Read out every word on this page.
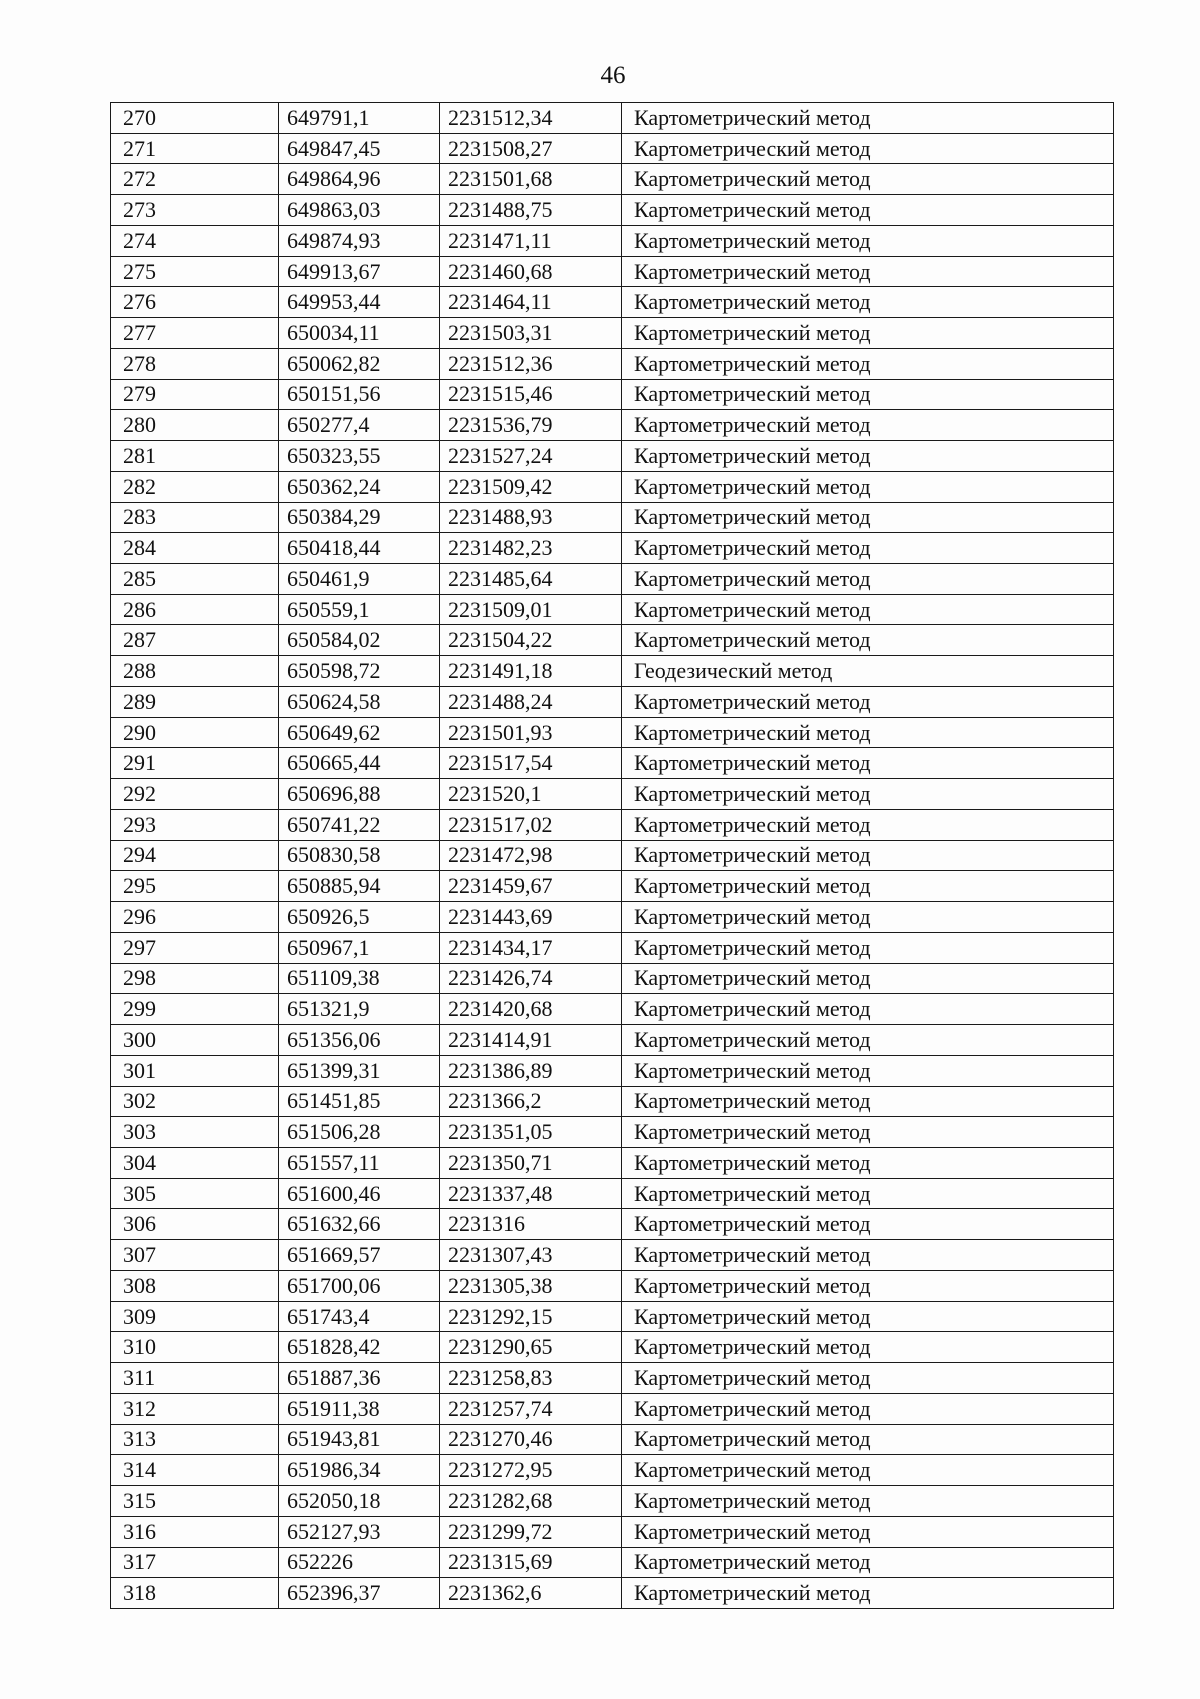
46
270	649791,1	2231512,34	Картометрический метод
271	649847,45	2231508,27	Картометрический метод
272	649864,96	2231501,68	Картометрический метод
273	649863,03	2231488,75	Картометрический метод
274	649874,93	2231471,11	Картометрический метод
275	649913,67	2231460,68	Картометрический метод
276	649953,44	2231464,11	Картометрический метод
277	650034,11	2231503,31	Картометрический метод
278	650062,82	2231512,36	Картометрический метод
279	650151,56	2231515,46	Картометрический метод
280	650277,4	2231536,79	Картометрический метод
281	650323,55	2231527,24	Картометрический метод
282	650362,24	2231509,42	Картометрический метод
283	650384,29	2231488,93	Картометрический метод
284	650418,44	2231482,23	Картометрический метод
285	650461,9	2231485,64	Картометрический метод
286	650559,1	2231509,01	Картометрический метод
287	650584,02	2231504,22	Картометрический метод
288	650598,72	2231491,18	Геодезический метод
289	650624,58	2231488,24	Картометрический метод
290	650649,62	2231501,93	Картометрический метод
291	650665,44	2231517,54	Картометрический метод
292	650696,88	2231520,1	Картометрический метод
293	650741,22	2231517,02	Картометрический метод
294	650830,58	2231472,98	Картометрический метод
295	650885,94	2231459,67	Картометрический метод
296	650926,5	2231443,69	Картометрический метод
297	650967,1	2231434,17	Картометрический метод
298	651109,38	2231426,74	Картометрический метод
299	651321,9	2231420,68	Картометрический метод
300	651356,06	2231414,91	Картометрический метод
301	651399,31	2231386,89	Картометрический метод
302	651451,85	2231366,2	Картометрический метод
303	651506,28	2231351,05	Картометрический метод
304	651557,11	2231350,71	Картометрический метод
305	651600,46	2231337,48	Картометрический метод
306	651632,66	2231316	Картометрический метод
307	651669,57	2231307,43	Картометрический метод
308	651700,06	2231305,38	Картометрический метод
309	651743,4	2231292,15	Картометрический метод
310	651828,42	2231290,65	Картометрический метод
311	651887,36	2231258,83	Картометрический метод
312	651911,38	2231257,74	Картометрический метод
313	651943,81	2231270,46	Картометрический метод
314	651986,34	2231272,95	Картометрический метод
315	652050,18	2231282,68	Картометрический метод
316	652127,93	2231299,72	Картометрический метод
317	652226	2231315,69	Картометрический метод
318	652396,37	2231362,6	Картометрический метод
